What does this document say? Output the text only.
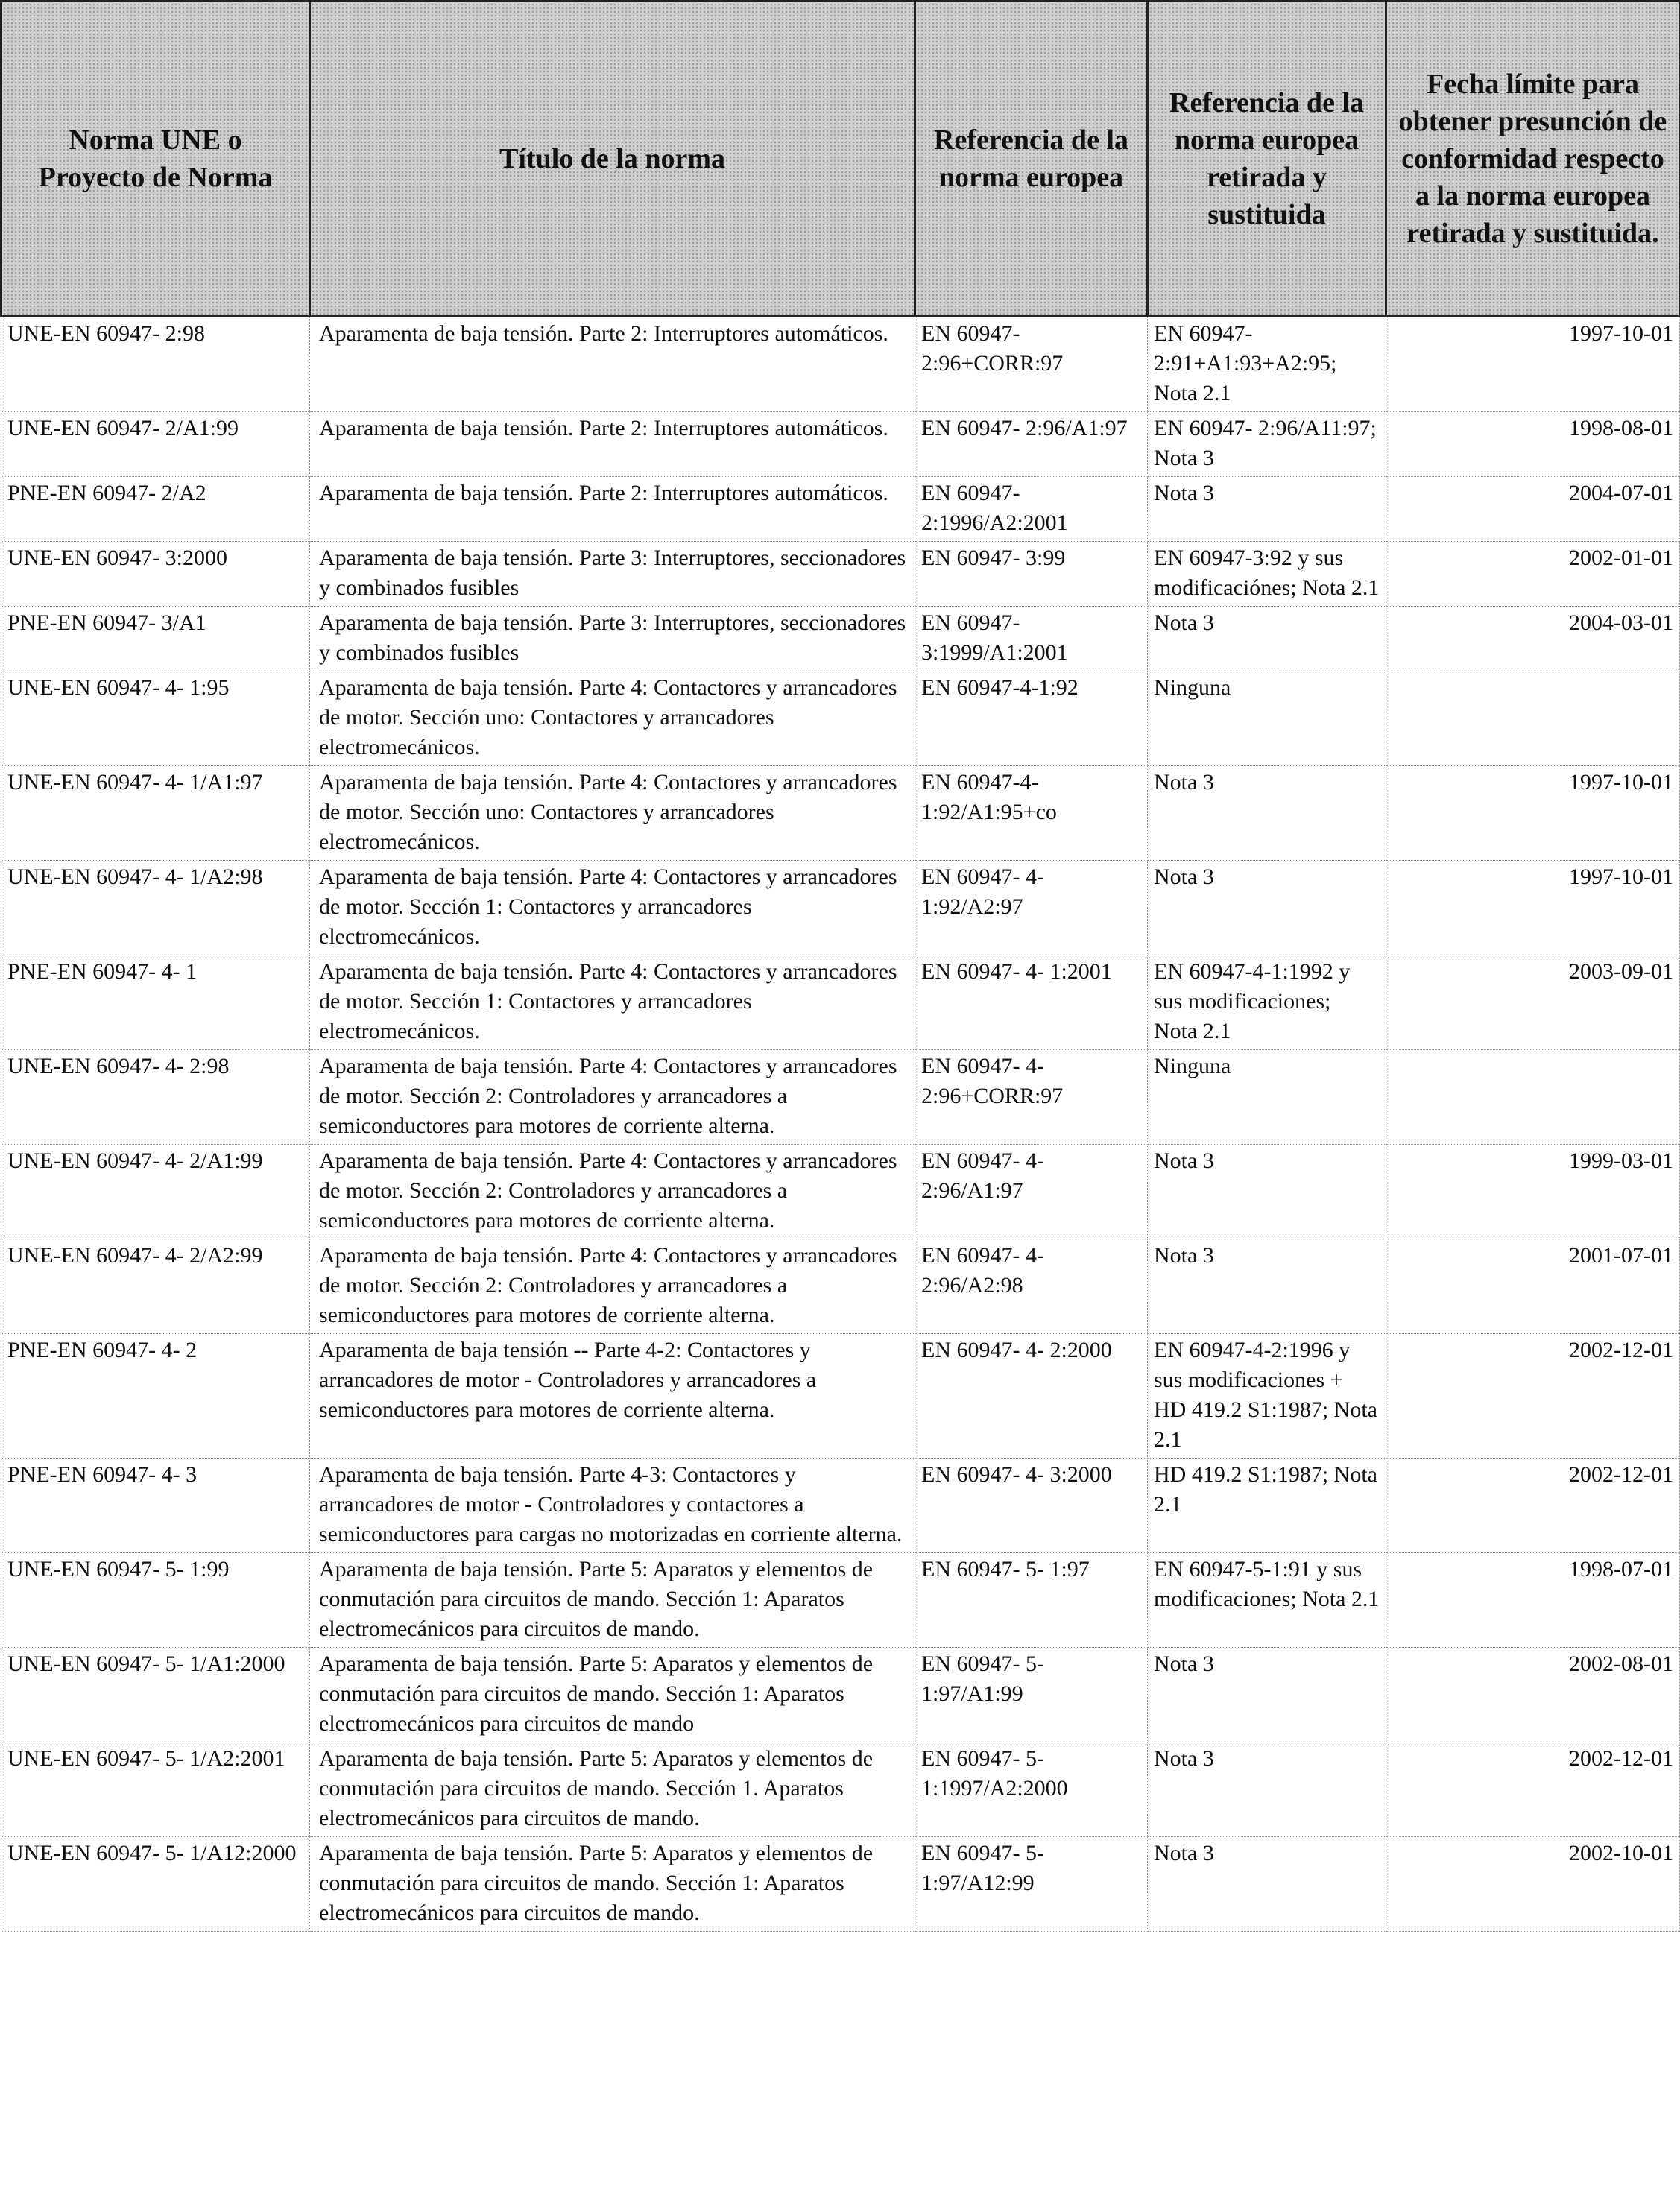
Norma UNE o Proyecto de Norma	Título de la norma	Referencia de la norma europea	Referencia de la norma europea retirada y sustituida	Fecha límite para obtener presunción de conformidad respecto a la norma europea retirada y sustituida.
UNE-EN 60947- 2:98	Aparamenta de baja tensión. Parte 2: Interruptores automáticos.	EN 60947- 2:96+CORR:97	EN 60947- 2:91+A1:93+A2:95; Nota 2.1	1997-10-01
UNE-EN 60947- 2/A1:99	Aparamenta de baja tensión. Parte 2: Interruptores automáticos.	EN 60947- 2:96/A1:97	EN 60947- 2:96/A11:97; Nota 3	1998-08-01
PNE-EN 60947- 2/A2	Aparamenta de baja tensión. Parte 2: Interruptores automáticos.	EN 60947- 2:1996/A2:2001	Nota 3	2004-07-01
UNE-EN 60947- 3:2000	Aparamenta de baja tensión. Parte 3: Interruptores, seccionadores y combinados fusibles	EN 60947- 3:99	EN 60947-3:92 y sus modificaciónes; Nota 2.1	2002-01-01
PNE-EN 60947- 3/A1	Aparamenta de baja tensión. Parte 3: Interruptores, seccionadores y combinados fusibles	EN 60947- 3:1999/A1:2001	Nota 3	2004-03-01
UNE-EN 60947- 4- 1:95	Aparamenta de baja tensión. Parte 4: Contactores y arrancadores de motor. Sección uno: Contactores y arrancadores electromecánicos.	EN 60947-4-1:92	Ninguna	
UNE-EN 60947- 4- 1/A1:97	Aparamenta de baja tensión. Parte 4: Contactores y arrancadores de motor. Sección uno: Contactores y arrancadores electromecánicos.	EN 60947-4- 1:92/A1:95+co	Nota 3	1997-10-01
UNE-EN 60947- 4- 1/A2:98	Aparamenta de baja tensión. Parte 4: Contactores y arrancadores de motor. Sección 1: Contactores y arrancadores electromecánicos.	EN 60947- 4- 1:92/A2:97	Nota 3	1997-10-01
PNE-EN 60947- 4- 1	Aparamenta de baja tensión. Parte 4: Contactores y arrancadores de motor. Sección 1: Contactores y arrancadores electromecánicos.	EN 60947- 4- 1:2001	EN 60947-4-1:1992 y sus modificaciones; Nota 2.1	2003-09-01
UNE-EN 60947- 4- 2:98	Aparamenta de baja tensión. Parte 4: Contactores y arrancadores de motor. Sección 2: Controladores y arrancadores a semiconductores para motores de corriente alterna.	EN 60947- 4- 2:96+CORR:97	Ninguna	
UNE-EN 60947- 4- 2/A1:99	Aparamenta de baja tensión. Parte 4: Contactores y arrancadores de motor. Sección 2: Controladores y arrancadores a semiconductores para motores de corriente alterna.	EN 60947- 4- 2:96/A1:97	Nota 3	1999-03-01
UNE-EN 60947- 4- 2/A2:99	Aparamenta de baja tensión. Parte 4: Contactores y arrancadores de motor. Sección 2: Controladores y arrancadores a semiconductores para motores de corriente alterna.	EN 60947- 4- 2:96/A2:98	Nota 3	2001-07-01
PNE-EN 60947- 4- 2	Aparamenta de baja tensión -- Parte 4-2: Contactores y arrancadores de motor - Controladores y arrancadores a semiconductores para motores de corriente alterna.	EN 60947- 4- 2:2000	EN 60947-4-2:1996 y sus modificaciones + HD 419.2 S1:1987; Nota 2.1	2002-12-01
PNE-EN 60947- 4- 3	Aparamenta de baja tensión. Parte 4-3: Contactores y arrancadores de motor - Controladores y contactores a semiconductores para cargas no motorizadas en corriente alterna.	EN 60947- 4- 3:2000	HD 419.2 S1:1987; Nota 2.1	2002-12-01
UNE-EN 60947- 5- 1:99	Aparamenta de baja tensión. Parte 5: Aparatos y elementos de conmutación para circuitos de mando. Sección 1: Aparatos electromecánicos para circuitos de mando.	EN 60947- 5- 1:97	EN 60947-5-1:91 y sus modificaciones; Nota 2.1	1998-07-01
UNE-EN 60947- 5- 1/A1:2000	Aparamenta de baja tensión. Parte 5: Aparatos y elementos de conmutación para circuitos de mando. Sección 1: Aparatos electromecánicos para circuitos de mando	EN 60947- 5- 1:97/A1:99	Nota 3	2002-08-01
UNE-EN 60947- 5- 1/A2:2001	Aparamenta de baja tensión. Parte 5: Aparatos y elementos de conmutación para circuitos de mando. Sección 1. Aparatos electromecánicos para circuitos de mando.	EN 60947- 5- 1:1997/A2:2000	Nota 3	2002-12-01
UNE-EN 60947- 5- 1/A12:2000	Aparamenta de baja tensión. Parte 5: Aparatos y elementos de conmutación para circuitos de mando. Sección 1: Aparatos electromecánicos para circuitos de mando.	EN 60947- 5- 1:97/A12:99	Nota 3	2002-10-01
